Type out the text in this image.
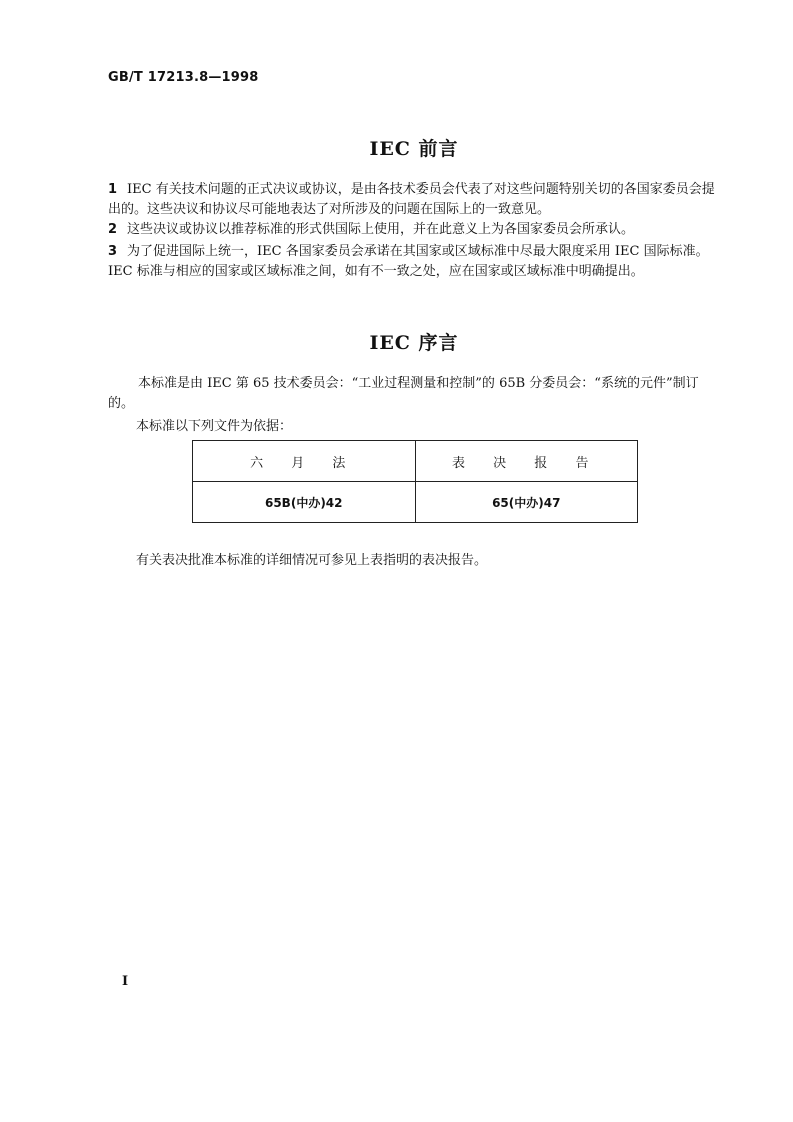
GB/T 17213.8—1998
IEC 前言
1 IEC 有关技术问题的正式决议或协议，是由各技术委员会代表了对这些问题特别关切的各国家委员会提出的。这些决议和协议尽可能地表达了对所涉及的问题在国际上的一致意见。
2 这些决议或协议以推荐标准的形式供国际上使用，并在此意义上为各国家委员会所承认。
3 为了促进国际上统一，IEC 各国家委员会承诺在其国家或区域标准中尽最大限度采用 IEC 国际标准。IEC 标准与相应的国家或区域标准之间，如有不一致之处，应在国家或区域标准中明确提出。
IEC 序言
本标准是由 IEC 第 65 技术委员会：“工业过程测量和控制”的 65B 分委员会：“系统的元件”制订的。
本标准以下列文件为依据：
六 月 法	表 决 报 告
65B(中办)42	65(中办)47
有关表决批准本标准的详细情况可参见上表指明的表决报告。
I
